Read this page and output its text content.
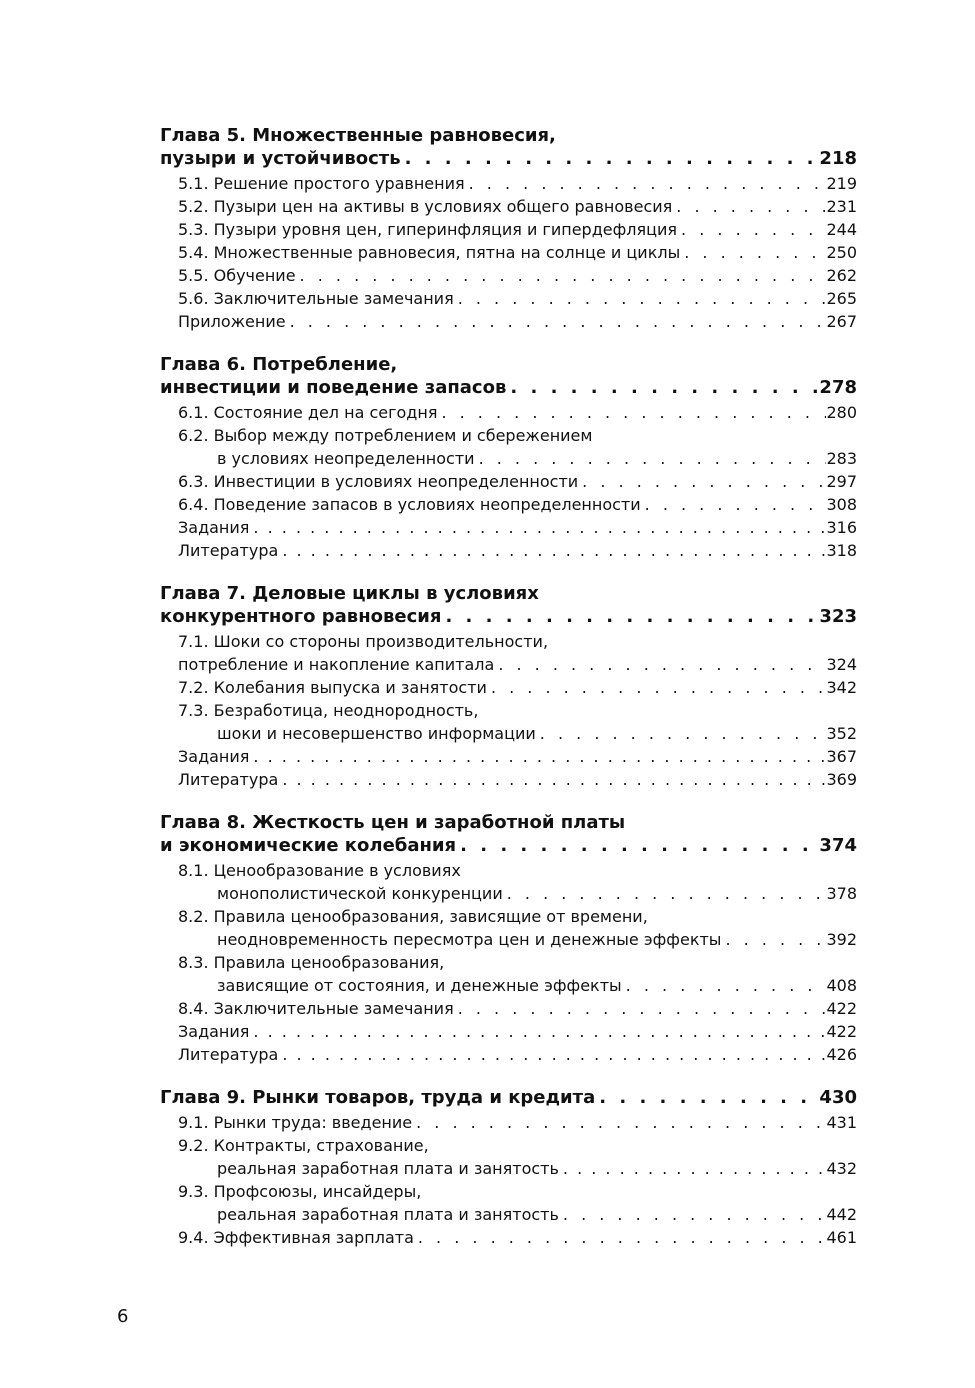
Глава 5. Множественные равновесия,
пузыри и устойчивость . . .	218
5.1. Решение простого уравнения . . .	219
5.2. Пузыри цен на активы в условиях общего равновесия . . .	231
5.3. Пузыри уровня цен, гиперинфляция и гипердефляция . . .	244
5.4. Множественные равновесия, пятна на солнце и циклы . . .	250
5.5. Обучение . . .	262
5.6. Заключительные замечания . . .	265
Приложение . . .	267
Глава 6. Потребление,
инвестиции и поведение запасов . . .	278
6.1. Состояние дел на сегодня . . .	280
6.2. Выбор между потреблением и сбережением
в условиях неопределенности . . .	283
6.3. Инвестиции в условиях неопределенности . . .	297
6.4. Поведение запасов в условиях неопределенности . . .	308
Задания . . .	316
Литература . . .	318
Глава 7. Деловые циклы в условиях
конкурентного равновесия . . .	323
7.1. Шоки со стороны производительности,
потребление и накопление капитала . . .	324
7.2. Колебания выпуска и занятости . . .	342
7.3. Безработица, неоднородность,
шоки и несовершенство информации . . .	352
Задания . . .	367
Литература . . .	369
Глава 8. Жесткость цен и заработной платы
и экономические колебания . . .	374
8.1. Ценообразование в условиях
монополистической конкуренции . . .	378
8.2. Правила ценообразования, зависящие от времени,
неодновременность пересмотра цен и денежные эффекты . . .	392
8.3. Правила ценообразования,
зависящие от состояния, и денежные эффекты . . .	408
8.4. Заключительные замечания . . .	422
Задания . . .	422
Литература . . .	426
Глава 9. Рынки товаров, труда и кредита . . .	430
9.1. Рынки труда: введение . . .	431
9.2. Контракты, страхование,
реальная заработная плата и занятость . . .	432
9.3. Профсоюзы, инсайдеры,
реальная заработная плата и занятость . . .	442
9.4. Эффективная зарплата . . .	461
6
